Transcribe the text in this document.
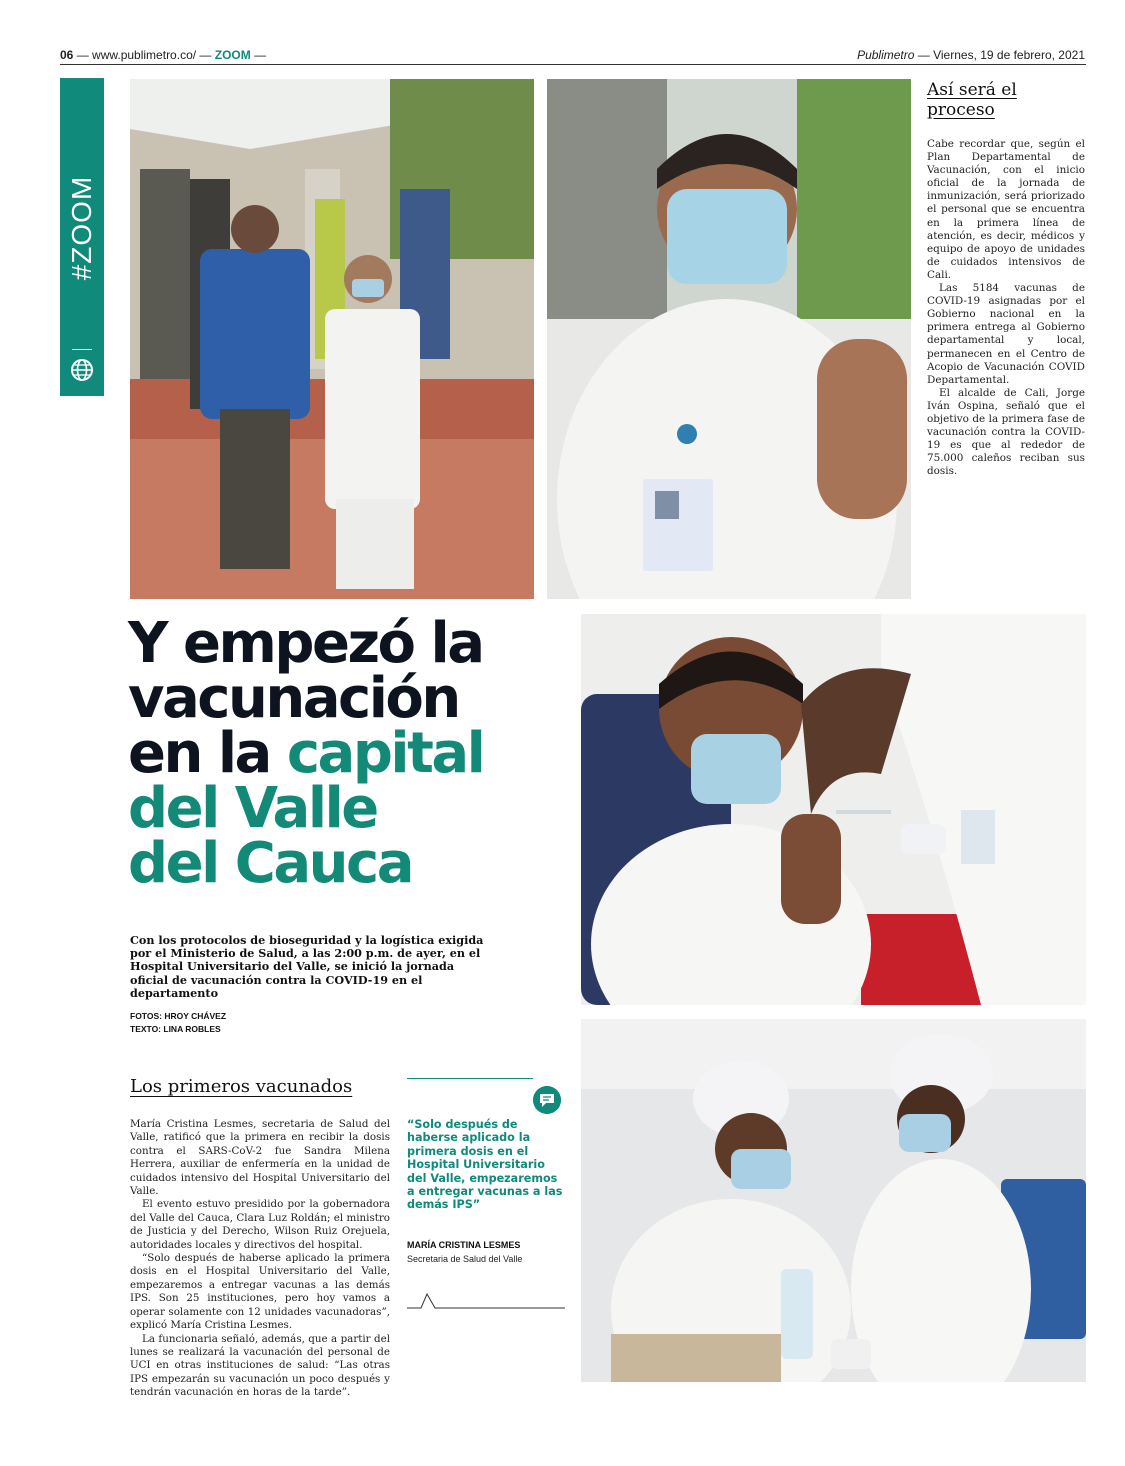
06 — www.publimetro.co/ — ZOOM —	Publimetro — Viernes, 19 de febrero, 2021
#ZOOM
Así será el proceso

Cabe recordar que, según el Plan Departamental de Vacunación, con el inicio oficial de la jornada de inmunización, será priorizado el personal que se encuentra en la primera línea de atención, es decir, médicos y equipo de apoyo de unidades de cuidados intensivos de Cali.

Las 5184 vacunas de COVID-19 asignadas por el Gobierno nacional en la primera entrega al Gobierno departamental y local, permanecen en el Centro de Acopio de Vacunación COVID Departamental.

El alcalde de Cali, Jorge Iván Ospina, señaló que el objetivo de la primera fase de vacunación contra la COVID-19 es que al rededor de 75.000 caleños reciban sus dosis.

Y empezó la
vacunación
en la capital
del Valle
del Cauca
Con los protocolos de bioseguridad y la logística exigida por el Ministerio de Salud, a las 2:00 p.m. de ayer, en el Hospital Universitario del Valle, se inició la jornada oficial de vacunación contra la COVID-19 en el departamento
FOTOS: HROY CHÁVEZ
TEXTO: LINA ROBLES
Los primeros vacunados

María Cristina Lesmes, secretaria de Salud del Valle, ratificó que la primera en recibir la dosis contra el SARS-CoV-2 fue Sandra Milena Herrera, auxiliar de enfermería en la unidad de cuidados intensivo del Hospital Universitario del Valle.

El evento estuvo presidido por la gobernadora del Valle del Cauca, Clara Luz Roldán; el ministro de Justicia y del Derecho, Wilson Ruiz Orejuela, autoridades locales y directivos del hospital.

“Solo después de haberse aplicado la primera dosis en el Hospital Universitario del Valle, empezaremos a entregar vacunas a las demás IPS. Son 25 instituciones, pero hoy vamos a operar solamente con 12 unidades vacunadoras”, explicó María Cristina Lesmes.

La funcionaria señaló, además, que a partir del lunes se realizará la vacunación del personal de UCI en otras instituciones de salud: “Las otras IPS empezarán su vacunación un poco después y tendrán vacunación en horas de la tarde”.

“Solo después de haberse aplicado la primera dosis en el Hospital Universitario del Valle, empezaremos a entregar vacunas a las demás IPS”
MARÍA CRISTINA LESMES
Secretaria de Salud del Valle
